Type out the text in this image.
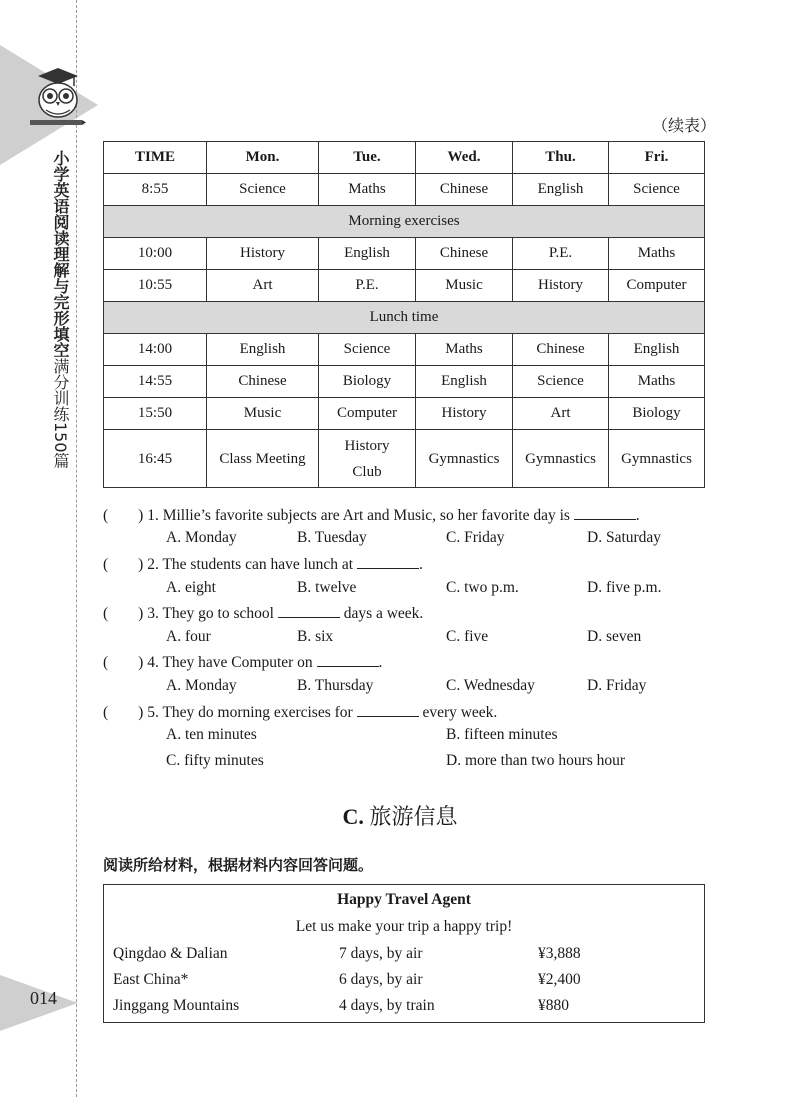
小学英语阅读理解与完形填空满分训练150篇
014
（续表）
TIME	Mon.	Tue.	Wed.	Thu.	Fri.
8:55	Science	Maths	Chinese	English	Science
Morning exercises					
10:00	History	English	Chinese	P.E.	Maths
10:55	Art	P.E.	Music	History	Computer
Lunch time					
14:00	English	Science	Maths	Chinese	English
14:55	Chinese	Biology	English	Science	Maths
15:50	Music	Computer	History	Art	Biology
16:45	Class Meeting	History Club	Gymnastics	Gymnastics	Gymnastics
( ) 1. Millie’s favorite subjects are Art and Music, so her favorite day is	.
A. Monday	B. Tuesday	C. Friday	D. Saturday
( ) 2. The students can have lunch at	.
A. eight	B. twelve	C. two p.m.	D. five p.m.
( ) 3. They go to school	days a week.
A. four	B. six	C. five	D. seven
( ) 4. They have Computer on	.
A. Monday	B. Thursday	C. Wednesday	D. Friday
( ) 5. They do morning exercises for	every week.
A. ten minutes	B. fifteen minutes
C. fifty minutes	D. more than two hours hour
C. 旅游信息
阅读所给材料，根据材料内容回答问题。
Happy Travel Agent
Let us make your trip a happy trip!
Qingdao & Dalian	7 days, by air	¥3,888
East China*	6 days, by air	¥2,400
Jinggang Mountains	4 days, by train	¥880
